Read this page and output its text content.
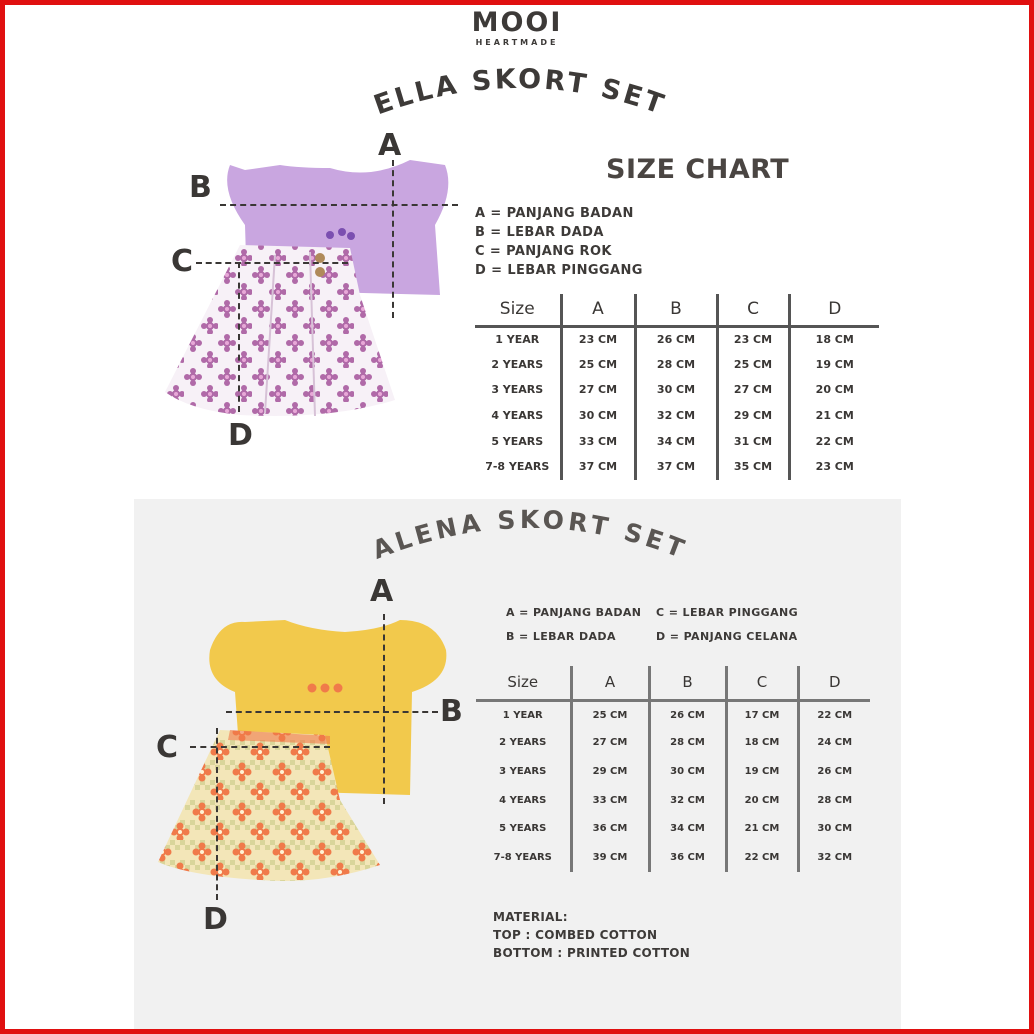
MOOI
HEARTMADE
ELLA SKORT SET
A
B
C
D
SIZE CHART
A = PANJANG BADAN
B = LEBAR DADA
C = PANJANG ROK
D = LEBAR PINGGANG
Size	A	B	C	D
1 YEAR	23 CM	26 CM	23 CM	18 CM
2 YEARS	25 CM	28 CM	25 CM	19 CM
3 YEARS	27 CM	30 CM	27 CM	20 CM
4 YEARS	30 CM	32 CM	29 CM	21 CM
5 YEARS	33 CM	34 CM	31 CM	22 CM
7-8 YEARS	37 CM	37 CM	35 CM	23 CM
ALENA SKORT SET
A
B
C
D
A = PANJANG BADAN
B = LEBAR DADA
C = LEBAR PINGGANG
D = PANJANG CELANA
Size	A	B	C	D
1 YEAR	25 CM	26 CM	17 CM	22 CM
2 YEARS	27 CM	28 CM	18 CM	24 CM
3 YEARS	29 CM	30 CM	19 CM	26 CM
4 YEARS	33 CM	32 CM	20 CM	28 CM
5 YEARS	36 CM	34 CM	21 CM	30 CM
7-8 YEARS	39 CM	36 CM	22 CM	32 CM
MATERIAL:
TOP : COMBED COTTON
BOTTOM : PRINTED COTTON
